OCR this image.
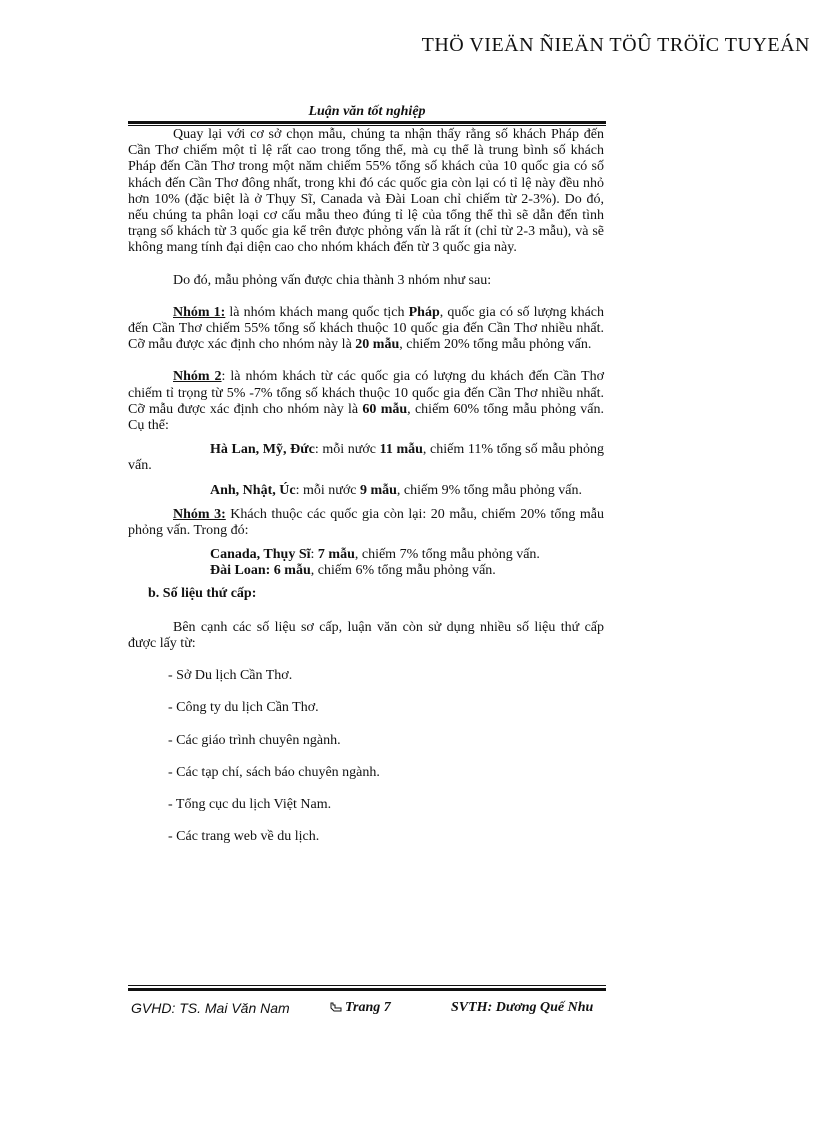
THÖ VIEÄN ÑIEÄN TÖÛ TRÖÏC TUYEÁN
Luận văn tốt nghiệp

Quay lại với cơ sở chọn mẫu, chúng ta nhận thấy rằng số khách Pháp đến Cần Thơ chiếm một tỉ lệ rất cao trong tổng thể, mà cụ thể là trung bình số khách Pháp đến Cần Thơ trong một năm chiếm 55% tổng số khách của 10 quốc gia có số khách đến Cần Thơ đông nhất, trong khi đó các quốc gia còn lại có tỉ lệ này đều nhỏ hơn 10% (đặc biệt là ở Thụy Sĩ, Canada và Đài Loan chỉ chiếm từ 2-3%). Do đó, nếu chúng ta phân loại cơ cấu mẫu theo đúng tỉ lệ của tổng thể thì sẽ dẫn đến tình trạng số khách từ 3 quốc gia kể trên được phỏng vấn là rất ít (chỉ từ 2-3 mẫu), và sẽ không mang tính đại diện cao cho nhóm khách đến từ 3 quốc gia này.

Do đó, mẫu phỏng vấn được chia thành 3 nhóm như sau:

Nhóm 1: là nhóm khách mang quốc tịch Pháp, quốc gia có số lượng khách đến Cần Thơ chiếm 55% tổng số khách thuộc 10 quốc gia đến Cần Thơ nhiều nhất. Cỡ mẫu được xác định cho nhóm này là 20 mẫu, chiếm 20% tổng mẫu phỏng vấn.

Nhóm 2: là nhóm khách từ các quốc gia có lượng du khách đến Cần Thơ chiếm tỉ trọng từ 5% -7% tổng số khách thuộc 10 quốc gia đến Cần Thơ nhiều nhất. Cỡ mẫu được xác định cho nhóm này là 60 mẫu, chiếm 60% tổng mẫu phỏng vấn. Cụ thể:

Hà Lan, Mỹ, Đức: mỗi nước 11 mẫu, chiếm 11% tổng số mẫu phỏng vấn.

Anh, Nhật, Úc: mỗi nước 9 mẫu, chiếm 9% tổng mẫu phỏng vấn.

Nhóm 3: Khách thuộc các quốc gia còn lại: 20 mẫu, chiếm 20% tổng mẫu phỏng vấn. Trong đó:

Canada, Thụy Sĩ: 7 mẫu, chiếm 7% tổng mẫu phỏng vấn.

Đài Loan: 6 mẫu, chiếm 6% tổng mẫu phỏng vấn.

b. Số liệu thứ cấp:

Bên cạnh các số liệu sơ cấp, luận văn còn sử dụng nhiều số liệu thứ cấp được lấy từ:

- Sở Du lịch Cần Thơ.

- Công ty du lịch Cần Thơ.

- Các giáo trình chuyên ngành.

- Các tạp chí, sách báo chuyên ngành.

- Tổng cục du lịch Việt Nam.

- Các trang web về du lịch.

GVHD: TS. Mai Văn Nam	Trang 7	SVTH: Dương Quế Nhu
